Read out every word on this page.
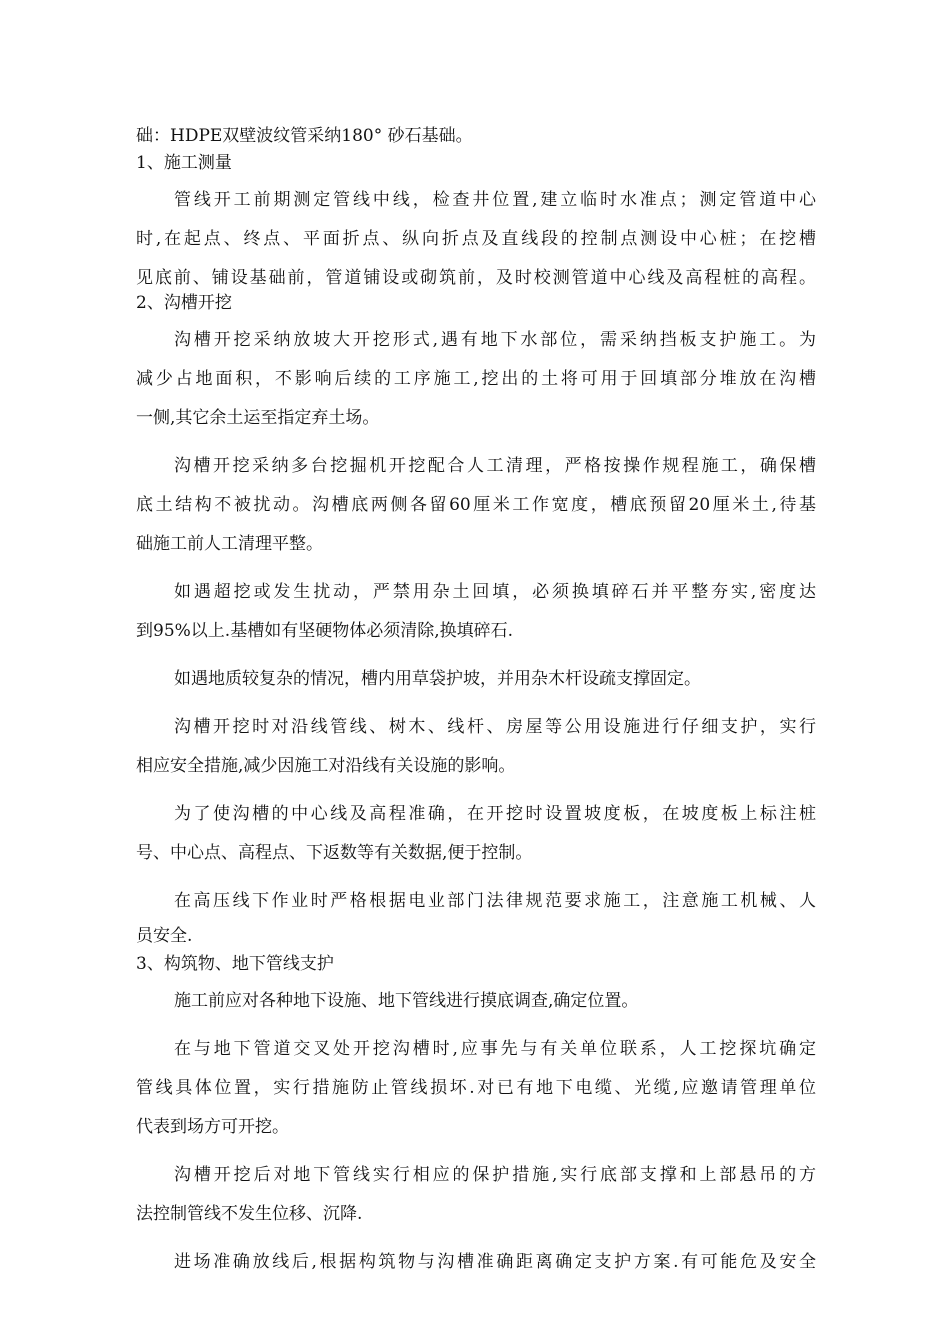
础：HDPE双壁波纹管采纳180° 砂石基础。
1、施工测量
管线开工前期测定管线中线，检查井位置,建立临时水准点；测定管道中心
时,在起点、终点、平面折点、纵向折点及直线段的控制点测设中心桩；在挖槽
见底前、铺设基础前，管道铺设或砌筑前，及时校测管道中心线及高程桩的高程。
2、沟槽开挖
沟槽开挖采纳放坡大开挖形式,遇有地下水部位，需采纳挡板支护施工。为
减少占地面积，不影响后续的工序施工,挖出的土将可用于回填部分堆放在沟槽
一侧,其它余土运至指定弃土场。
沟槽开挖采纳多台挖掘机开挖配合人工清理，严格按操作规程施工，确保槽
底土结构不被扰动。沟槽底两侧各留60厘米工作宽度，槽底预留20厘米土,待基
础施工前人工清理平整。
如遇超挖或发生扰动，严禁用杂土回填，必须换填碎石并平整夯实,密度达
到95%以上.基槽如有坚硬物体必须清除,换填碎石.
如遇地质较复杂的情况，槽内用草袋护坡，并用杂木杆设疏支撑固定。
沟槽开挖时对沿线管线、树木、线杆、房屋等公用设施进行仔细支护，实行
相应安全措施,减少因施工对沿线有关设施的影响。
为了使沟槽的中心线及高程准确，在开挖时设置坡度板，在坡度板上标注桩
号、中心点、高程点、下返数等有关数据,便于控制。
在高压线下作业时严格根据电业部门法律规范要求施工，注意施工机械、人
员安全.
3、构筑物、地下管线支护
施工前应对各种地下设施、地下管线进行摸底调查,确定位置。
在与地下管道交叉处开挖沟槽时,应事先与有关单位联系，人工挖探坑确定
管线具体位置，实行措施防止管线损坏.对已有地下电缆、光缆,应邀请管理单位
代表到场方可开挖。
沟槽开挖后对地下管线实行相应的保护措施,实行底部支撑和上部悬吊的方
法控制管线不发生位移、沉降.
进场准确放线后,根据构筑物与沟槽准确距离确定支护方案.有可能危及安全
